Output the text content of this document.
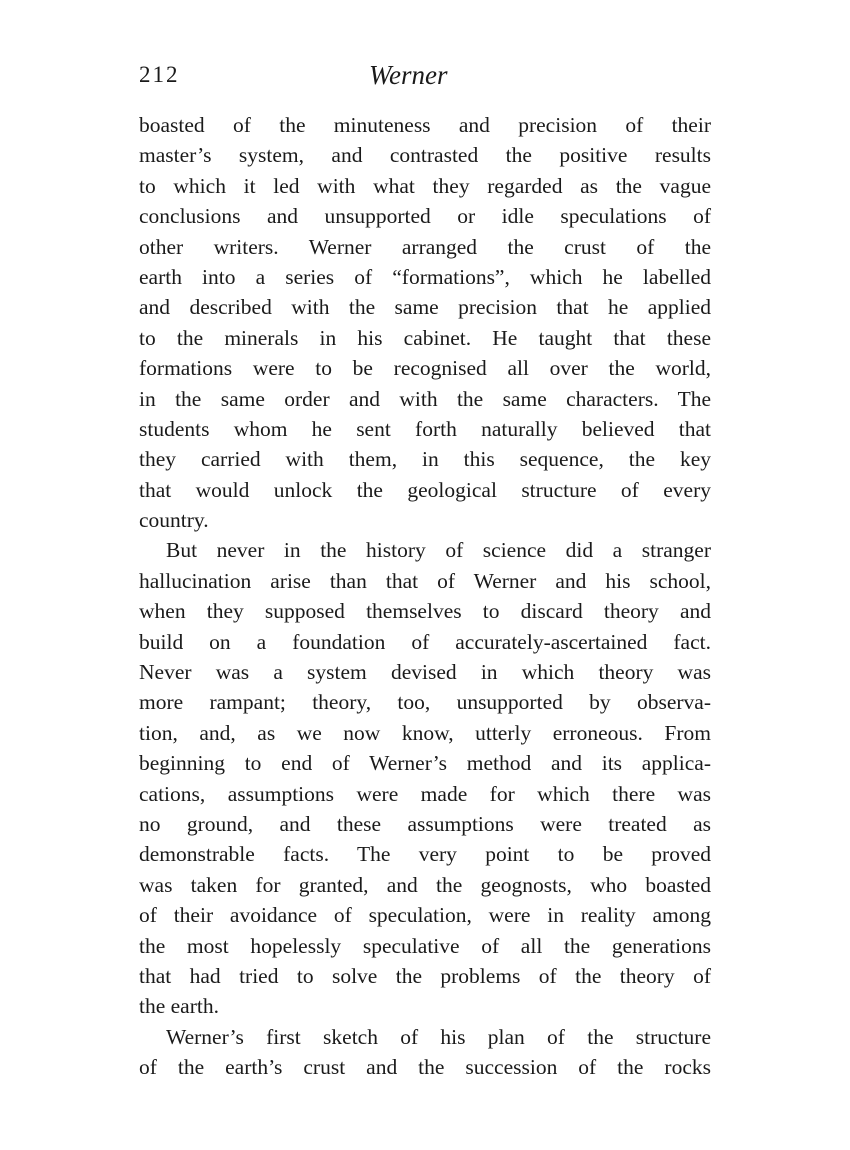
212	Werner
boasted of the minuteness and precision of their
master’s system, and contrasted the positive results
to which it led with what they regarded as the vague
conclusions and unsupported or idle speculations of
other writers. Werner arranged the crust of the
earth into a series of “formations”, which he labelled
and described with the same precision that he applied
to the minerals in his cabinet. He taught that these
formations were to be recognised all over the world,
in the same order and with the same characters. The
students whom he sent forth naturally believed that
they carried with them, in this sequence, the key
that would unlock the geological structure of every
country.
But never in the history of science did a stranger
hallucination arise than that of Werner and his school,
when they supposed themselves to discard theory and
build on a foundation of accurately-ascertained fact.
Never was a system devised in which theory was
more rampant; theory, too, unsupported by observa-
tion, and, as we now know, utterly erroneous. From
beginning to end of Werner’s method and its applica-
cations, assumptions were made for which there was
no ground, and these assumptions were treated as
demonstrable facts. The very point to be proved
was taken for granted, and the geognosts, who boasted
of their avoidance of speculation, were in reality among
the most hopelessly speculative of all the generations
that had tried to solve the problems of the theory of
the earth.
Werner’s first sketch of his plan of the structure
of the earth’s crust and the succession of the rocks
